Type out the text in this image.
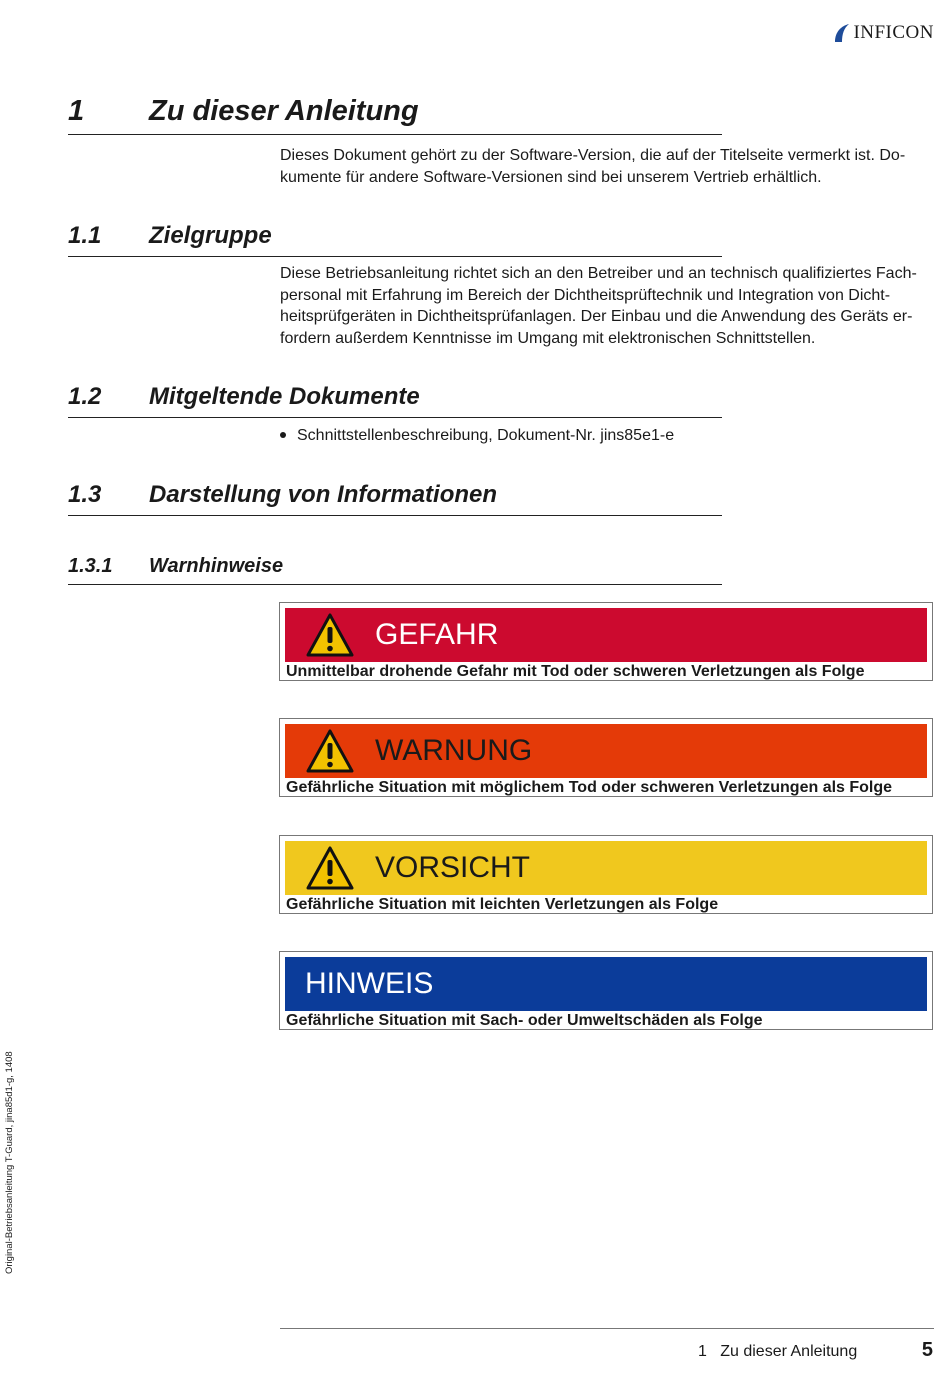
INFICON
1 Zu dieser Anleitung

Dieses Dokument gehört zu der Software-Version, die auf der Titelseite vermerkt ist. Do-
kumente für andere Software-Versionen sind bei unserem Vertrieb erhältlich.

1.1 Zielgruppe

Diese Betriebsanleitung richtet sich an den Betreiber und an technisch qualifiziertes Fach-
personal mit Erfahrung im Bereich der Dichtheitsprüftechnik und Integration von Dicht-
heitsprüfgeräten in Dichtheitsprüfanlagen. Der Einbau und die Anwendung des Geräts er-
fordern außerdem Kenntnisse im Umgang mit elektronischen Schnittstellen.

1.2 Mitgeltende Dokumente
Schnittstellenbeschreibung, Dokument-Nr. jins85e1-e
1.3 Darstellung von Informationen
1.3.1 Warnhinweise
GEFAHR
Unmittelbar drohende Gefahr mit Tod oder schweren Verletzungen als Folge
WARNUNG
Gefährliche Situation mit möglichem Tod oder schweren Verletzungen als Folge
VORSICHT
Gefährliche Situation mit leichten Verletzungen als Folge
HINWEIS
Gefährliche Situation mit Sach- oder Umweltschäden als Folge
Original-Betriebsanleitung T-Guard, jina85d1-g, 1408
1   Zu dieser Anleitung	5
